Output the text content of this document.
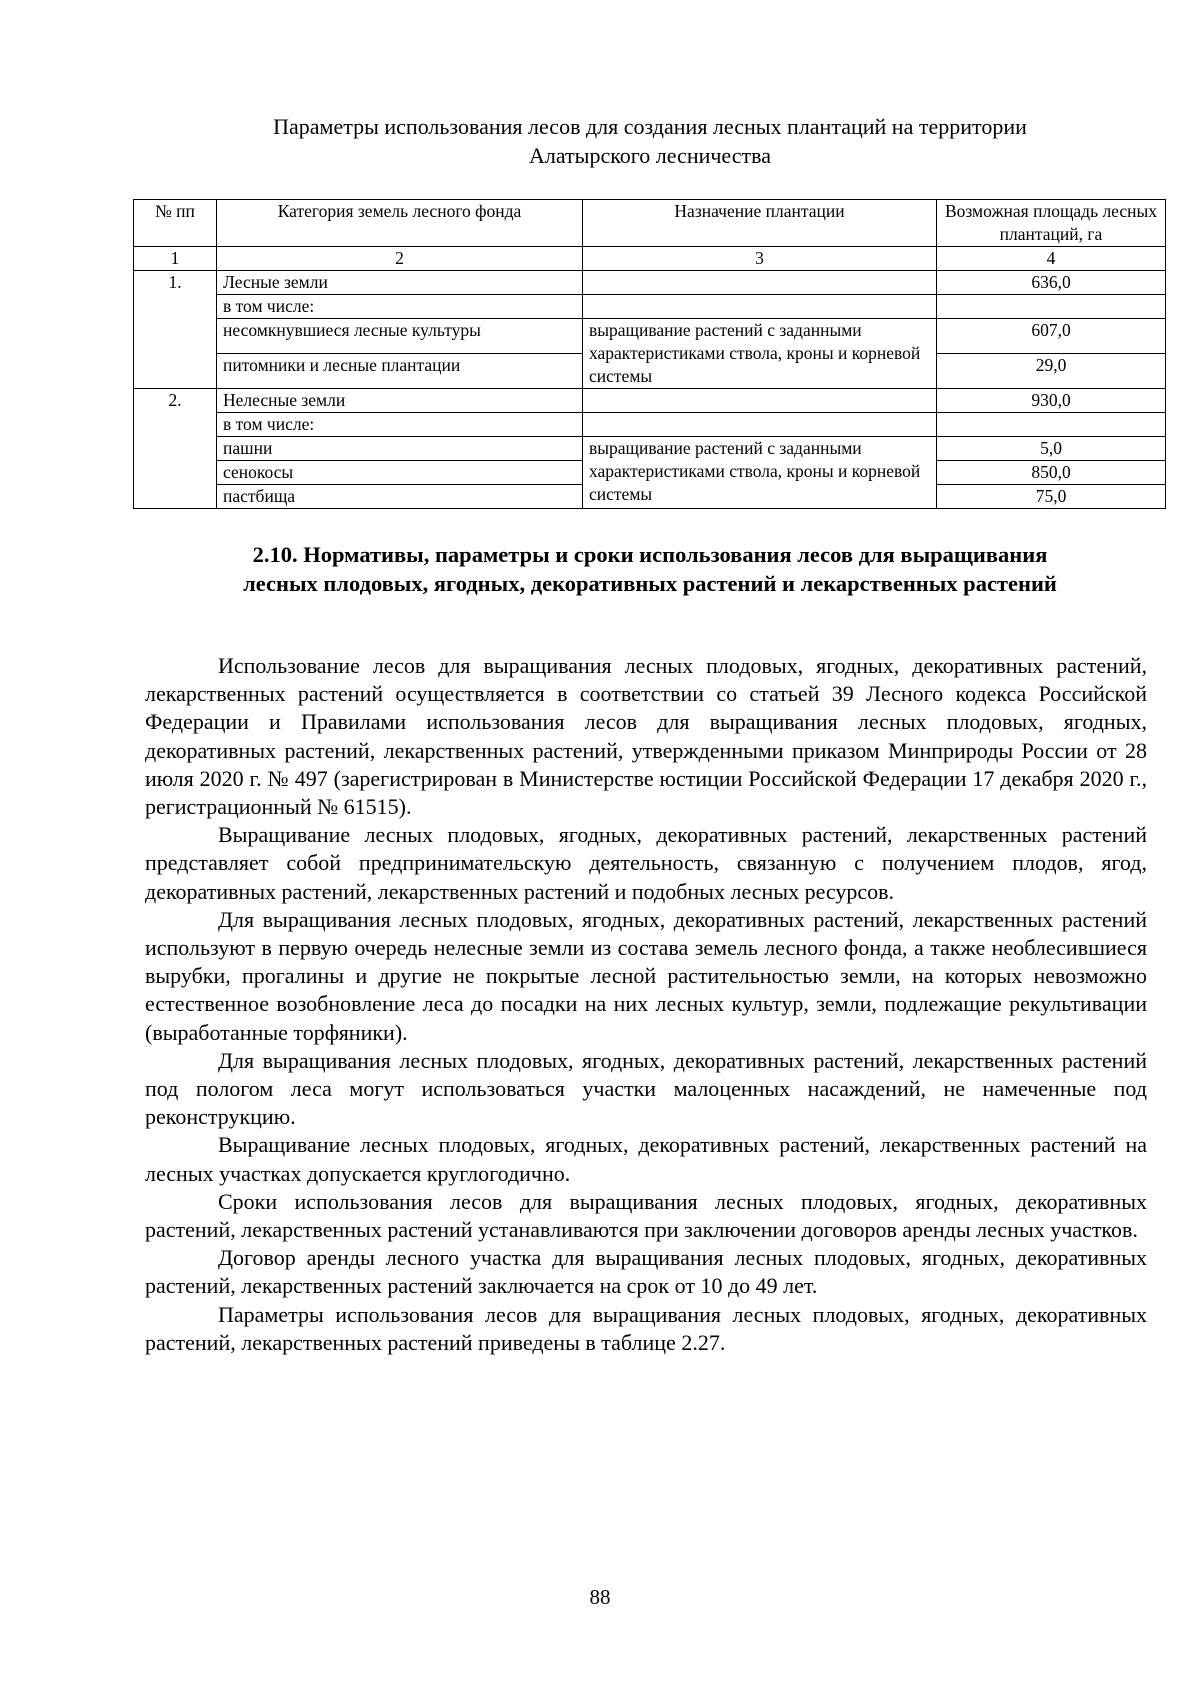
Параметры использования лесов для создания лесных плантаций на территории
Алатырского лесничества
№ пп	Категория земель лесного фонда	Назначение плантации	Возможная площадь лесных плантаций, га
1	2	3	4
1.	Лесные земли		636,0
	в том числе:		
	несомкнувшиеся лесные культуры	выращивание растений с заданными характеристиками ствола, кроны и корневой системы	607,0
	питомники и лесные плантации		29,0
2.	Нелесные земли		930,0
	в том числе:		
	пашни	выращивание растений с заданными характеристиками ствола, кроны и корневой системы	5,0
	сенокосы		850,0
	пастбища		75,0
2.10. Нормативы, параметры и сроки использования лесов для выращивания
лесных плодовых, ягодных, декоративных растений и лекарственных растений

Использование лесов для выращивания лесных плодовых, ягодных, декоративных растений, лекарственных растений осуществляется в соответствии со статьей 39 Лесного кодекса Российской Федерации и Правилами использования лесов для выращивания лесных плодовых, ягодных, декоративных растений, лекарственных растений, утвержденными приказом Минприроды России от 28 июля 2020 г. № 497 (зарегистрирован в Министерстве юстиции Российской Федерации 17 декабря 2020 г., регистрационный № 61515).

Выращивание лесных плодовых, ягодных, декоративных растений, лекарственных растений представляет собой предпринимательскую деятельность, связанную с получением плодов, ягод, декоративных растений, лекарственных растений и подобных лесных ресурсов.

Для выращивания лесных плодовых, ягодных, декоративных растений, лекарственных растений используют в первую очередь нелесные земли из состава земель лесного фонда, а также необлесившиеся вырубки, прогалины и другие не покрытые лесной растительностью земли, на которых невозможно естественное возобновление леса до посадки на них лесных культур, земли, подлежащие рекультивации (выработанные торфяники).

Для выращивания лесных плодовых, ягодных, декоративных растений, лекарственных растений под пологом леса могут использоваться участки малоценных насаждений, не намеченные под реконструкцию.

Выращивание лесных плодовых, ягодных, декоративных растений, лекарственных растений на лесных участках допускается круглогодично.

Сроки использования лесов для выращивания лесных плодовых, ягодных, декоративных растений, лекарственных растений устанавливаются при заключении договоров аренды лесных участков.

Договор аренды лесного участка для выращивания лесных плодовых, ягодных, декоративных растений, лекарственных растений заключается на срок от 10 до 49 лет.

Параметры использования лесов для выращивания лесных плодовых, ягодных, декоративных растений, лекарственных растений приведены в таблице 2.27.

88
